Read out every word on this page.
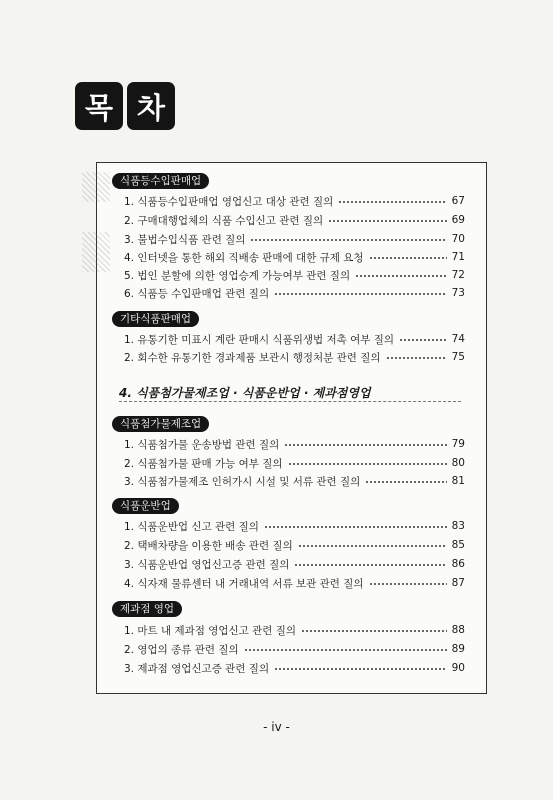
목 차
식품등수입판매업
1. 식품등수입판매업 영업신고 대상 관련 질의	67
2. 구매대행업체의 식품 수입신고 관련 질의	69
3. 불법수입식품 관련 질의	70
4. 인터넷을 통한 해외 직배송 판매에 대한 규제 요청	71
5. 법인 분할에 의한 영업승계 가능여부 관련 질의	72
6. 식품등 수입판매업 관련 질의	73
기타식품판매업
1. 유통기한 미표시 계란 판매시 식품위생법 저촉 여부 질의	74
2. 회수한 유통기한 경과제품 보관시 행정처분 관련 질의	75
4. 식품첨가물제조업 · 식품운반업 · 제과점영업
식품첨가물제조업
1. 식품첨가물 운송방법 관련 질의	79
2. 식품첨가물 판매 가능 여부 질의	80
3. 식품첨가물제조 인허가시 시설 및 서류 관련 질의	81
식품운반업
1. 식품운반업 신고 관련 질의	83
2. 택배차량을 이용한 배송 관련 질의	85
3. 식품운반업 영업신고증 관련 질의	86
4. 식자재 물류센터 내 거래내역 서류 보관 관련 질의	87
제과점 영업
1. 마트 내 제과점 영업신고 관련 질의	88
2. 영업의 종류 관련 질의	89
3. 제과점 영업신고증 관련 질의	90
- iv -
